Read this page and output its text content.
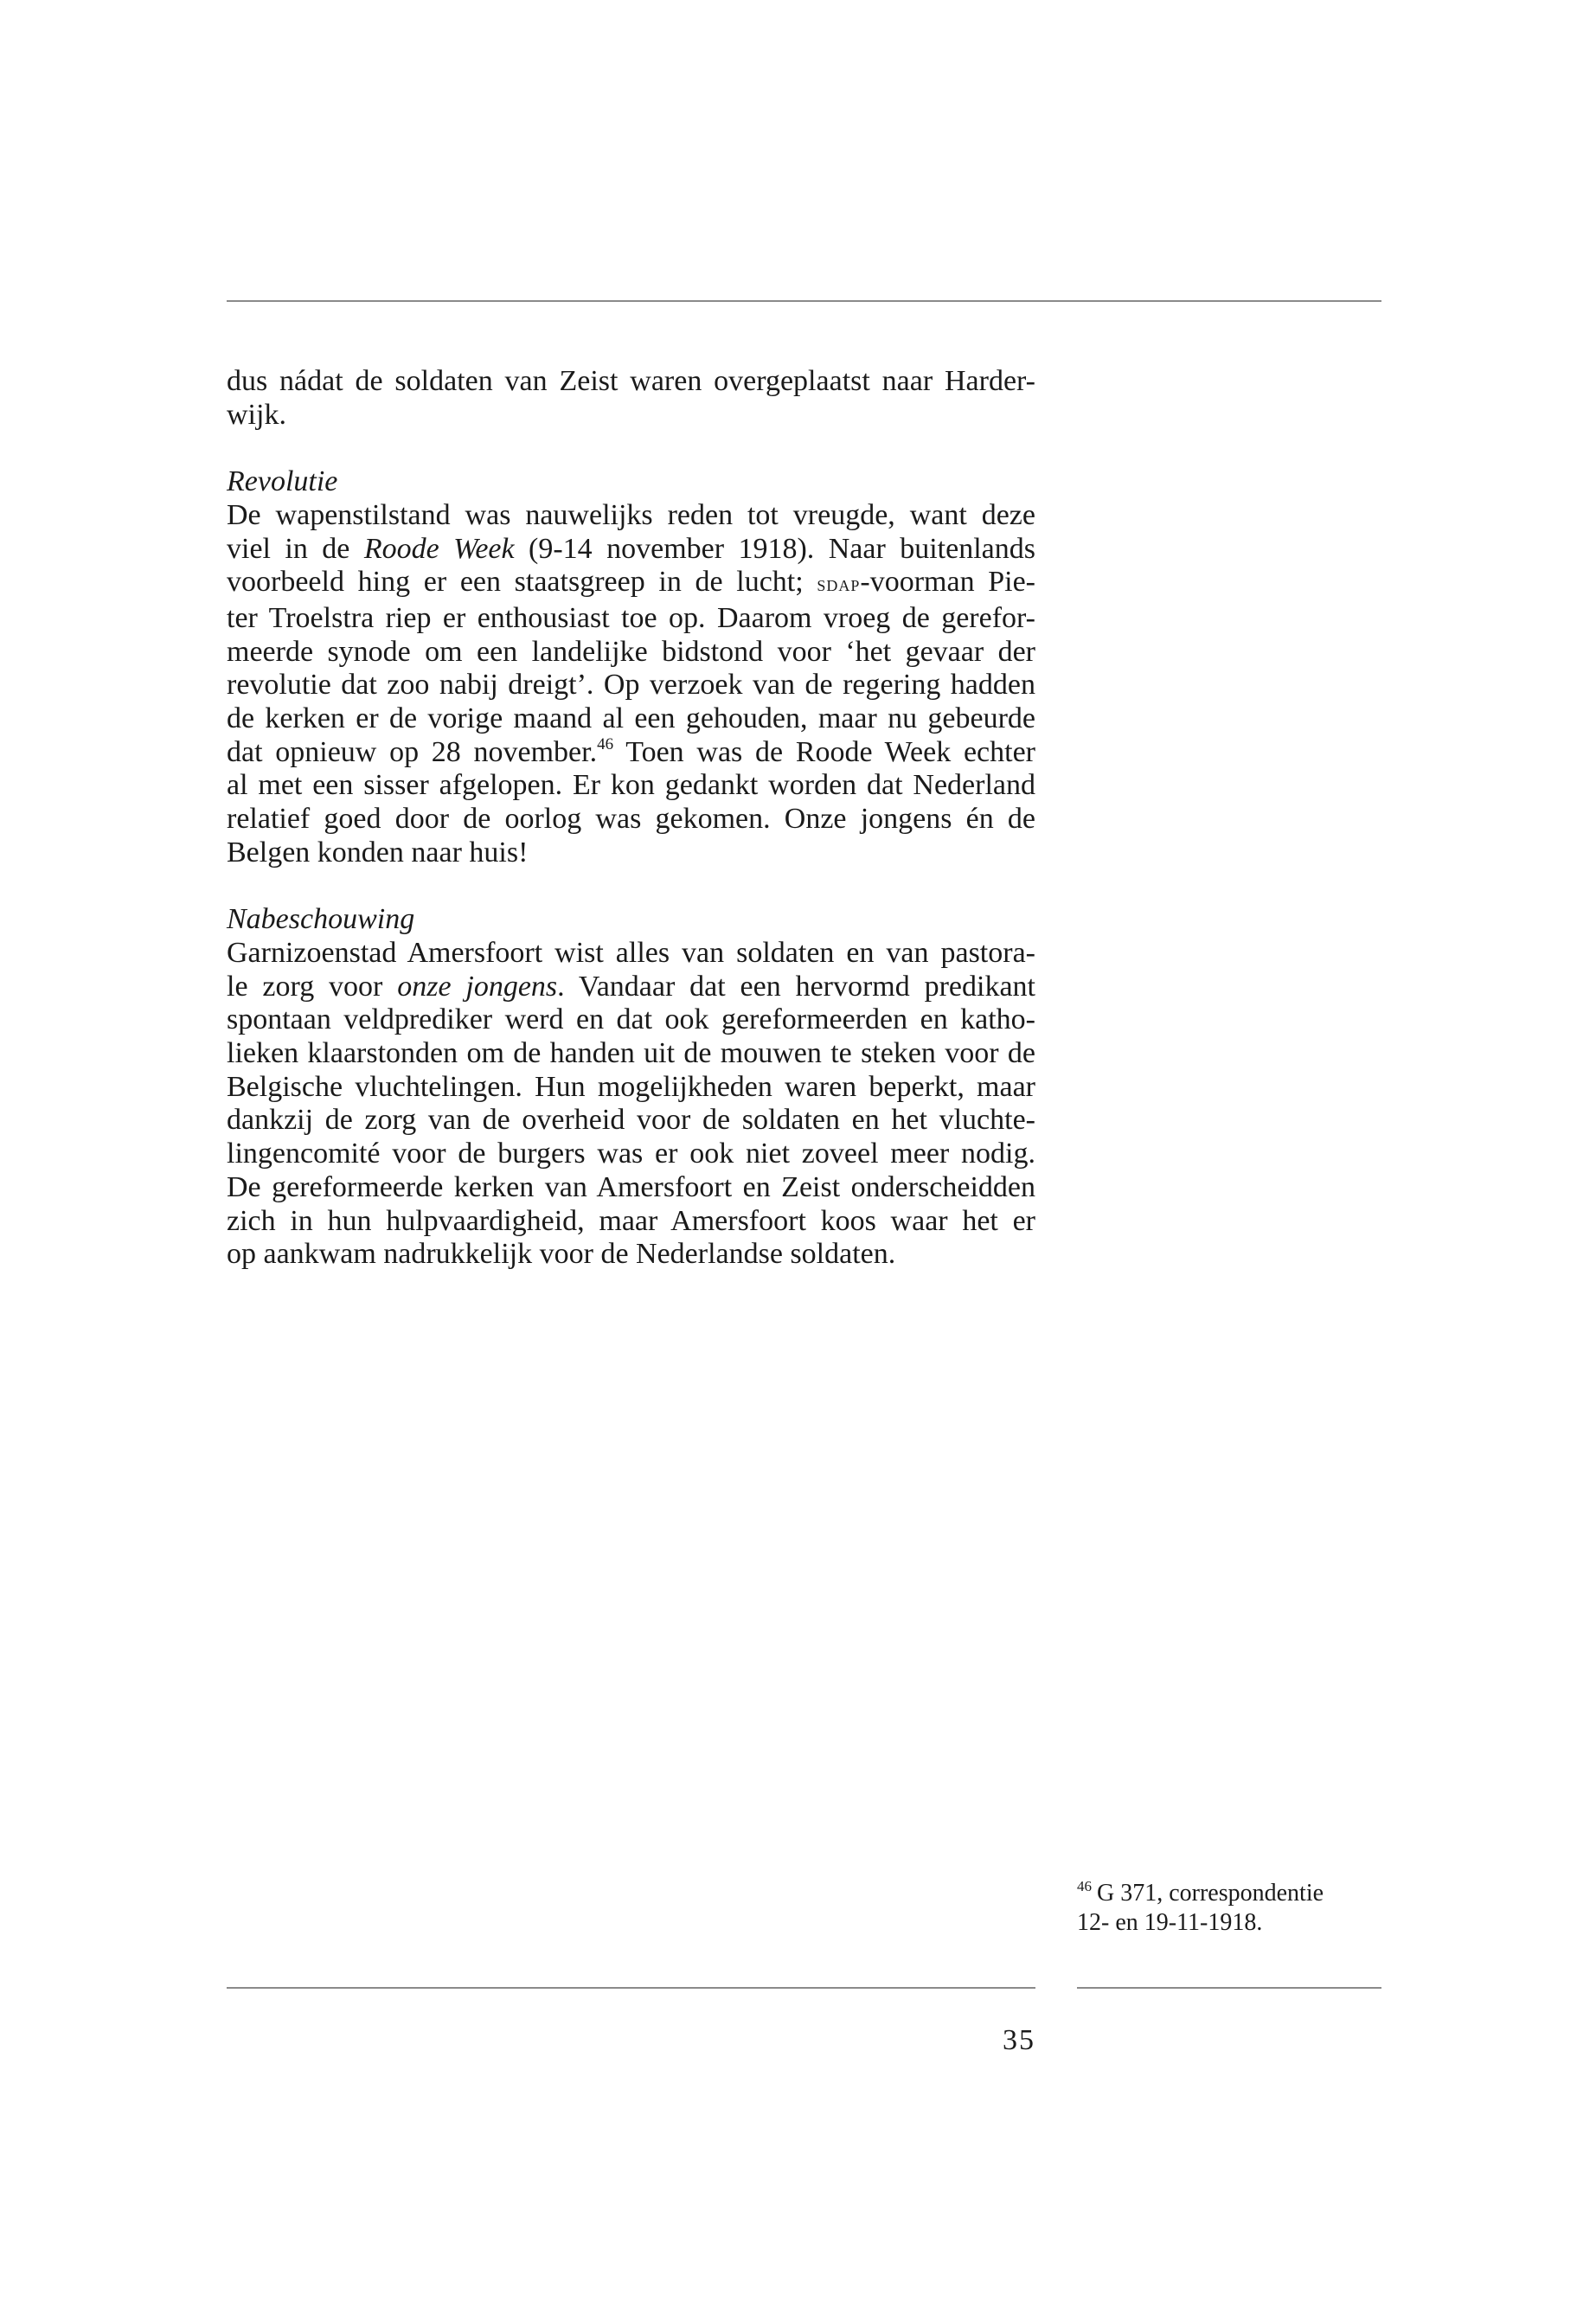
dus nádat de soldaten van Zeist waren overgeplaatst naar Harder-
wijk.
Revolutie
De wapenstilstand was nauwelijks reden tot vreugde, want deze
viel in de Roode Week (9-14 november 1918). Naar buitenlands
voorbeeld hing er een staatsgreep in de lucht; sdap-voorman Pie-
ter Troelstra riep er enthousiast toe op. Daarom vroeg de gerefor-
meerde synode om een landelijke bidstond voor ‘het gevaar der
revolutie dat zoo nabij dreigt’. Op verzoek van de regering hadden
de kerken er de vorige maand al een gehouden, maar nu gebeurde
dat opnieuw op 28 november.$^{46}$ Toen was de Roode Week echter
al met een sisser afgelopen. Er kon gedankt worden dat Nederland
relatief goed door de oorlog was gekomen. Onze jongens én de
Belgen konden naar huis!
Nabeschouwing
Garnizoenstad Amersfoort wist alles van soldaten en van pastora-
le zorg voor onze jongens. Vandaar dat een hervormd predikant
spontaan veldprediker werd en dat ook gereformeerden en katho-
lieken klaarstonden om de handen uit de mouwen te steken voor de
Belgische vluchtelingen. Hun mogelijkheden waren beperkt, maar
dankzij de zorg van de overheid voor de soldaten en het vluchte-
lingencomité voor de burgers was er ook niet zoveel meer nodig.
De gereformeerde kerken van Amersfoort en Zeist onderscheidden
zich in hun hulpvaardigheid, maar Amersfoort koos waar het er
op aankwam nadrukkelijk voor de Nederlandse soldaten.
$^{46}$ G 371, correspondentie
12- en 19-11-1918.
35
